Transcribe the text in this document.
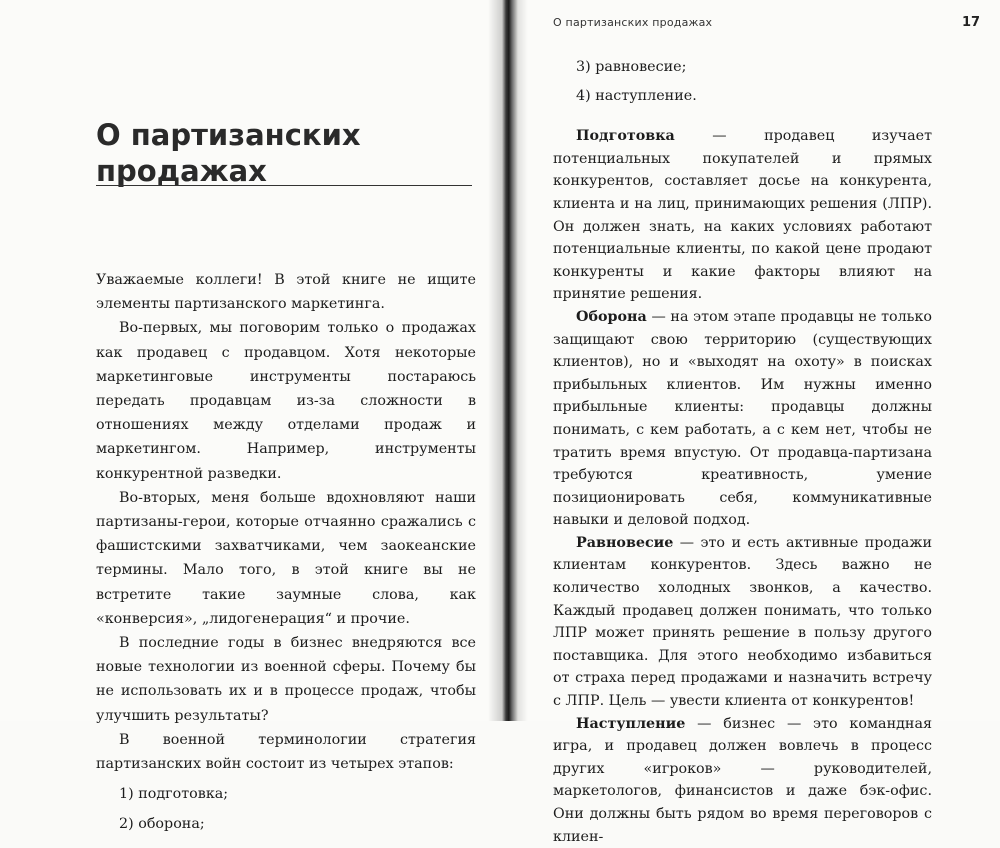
О партизанских
продажах

Уважаемые коллеги! В этой книге не ищите элементы партизанского маркетинга.

Во-первых, мы поговорим только о продажах как продавец с продавцом. Хотя некоторые маркетинговые инструменты постараюсь передать продавцам из-за сложности в отношениях между отделами продаж и маркетингом. Например, инструменты конкурентной разведки.

Во-вторых, меня больше вдохновляют наши партизаны-герои, которые отчаянно сражались с фашистскими захватчиками, чем заокеанские термины. Мало того, в этой книге вы не встретите такие заумные слова, как «конверсия», „лидогенерация“ и прочие.

В последние годы в бизнес внедряются все новые технологии из военной сферы. Почему бы не использовать их и в процессе продаж, чтобы улучшить результаты?

В военной терминологии стратегия партизанских войн состоит из четырех этапов:

1) подготовка;
2) оборона;
О партизанских продажах	17
3) равновесие;
4) наступление.

Подготовка — продавец изучает потенциальных покупателей и прямых конкурентов, составляет досье на конкурента, клиента и на лиц, принимающих решения (ЛПР). Он должен знать, на каких условиях работают потенциальные клиенты, по какой цене продают конкуренты и какие факторы влияют на принятие решения.

Оборона — на этом этапе продавцы не только защищают свою территорию (существующих клиентов), но и «выходят на охоту» в поисках прибыльных клиентов. Им нужны именно прибыльные клиенты: продавцы должны понимать, с кем работать, а с кем нет, чтобы не тратить время впустую. От продавца-партизана требуются креативность, умение позиционировать себя, коммуникативные навыки и деловой подход.

Равновесие — это и есть активные продажи клиентам конкурентов. Здесь важно не количество холодных звонков, а качество. Каждый продавец должен понимать, что только ЛПР может принять решение в пользу другого поставщика. Для этого необходимо избавиться от страха перед продажами и назначить встречу с ЛПР. Цель — увести клиента от конкурентов!

Наступление — бизнес — это командная игра, и продавец должен вовлечь в процесс других «игроков» — руководителей, маркетологов, финансистов и даже бэк-офис. Они должны быть рядом во время переговоров с клиен-
